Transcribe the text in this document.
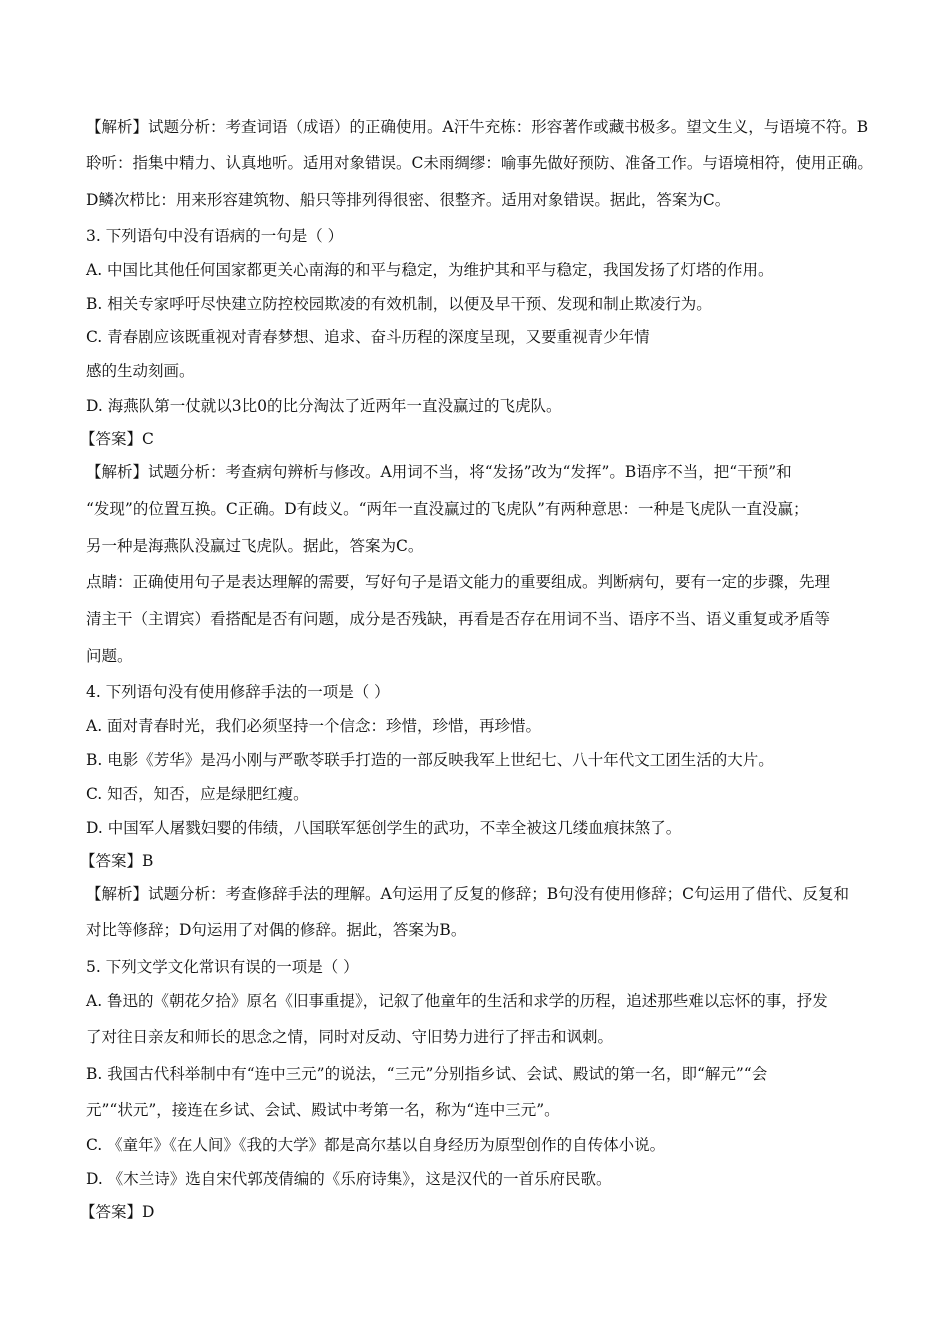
【解析】试题分析：考查词语（成语）的正确使用。A汗牛充栋：形容著作或藏书极多。望文生义，与语境不符。B
聆听：指集中精力、认真地听。适用对象错误。C未雨绸缪：喻事先做好预防、准备工作。与语境相符，使用正确。
D鳞次栉比：用来形容建筑物、船只等排列得很密、很整齐。适用对象错误。据此，答案为C。
3. 下列语句中没有语病的一句是（ ）
A. 中国比其他任何国家都更关心南海的和平与稳定，为维护其和平与稳定，我国发扬了灯塔的作用。
B. 相关专家呼吁尽快建立防控校园欺凌的有效机制，以便及早干预、发现和制止欺凌行为。
C. 青春剧应该既重视对青春梦想、追求、奋斗历程的深度呈现，又要重视青少年情
感的生动刻画。
D. 海燕队第一仗就以3比0的比分淘汰了近两年一直没赢过的飞虎队。
【答案】C
【解析】试题分析：考查病句辨析与修改。A用词不当，将“发扬”改为“发挥”。B语序不当，把“干预”和
“发现”的位置互换。C正确。D有歧义。“两年一直没赢过的飞虎队”有两种意思：一种是飞虎队一直没赢；
另一种是海燕队没赢过飞虎队。据此，答案为C。
点睛：正确使用句子是表达理解的需要，写好句子是语文能力的重要组成。判断病句，要有一定的步骤，先理
清主干（主谓宾）看搭配是否有问题，成分是否残缺，再看是否存在用词不当、语序不当、语义重复或矛盾等
问题。
4. 下列语句没有使用修辞手法的一项是（ ）
A. 面对青春时光，我们必须坚持一个信念：珍惜，珍惜，再珍惜。
B. 电影《芳华》是冯小刚与严歌苓联手打造的一部反映我军上世纪七、八十年代文工团生活的大片。
C. 知否，知否，应是绿肥红瘦。
D. 中国军人屠戮妇婴的伟绩，八国联军惩创学生的武功，不幸全被这几缕血痕抹煞了。
【答案】B
【解析】试题分析：考查修辞手法的理解。A句运用了反复的修辞；B句没有使用修辞；C句运用了借代、反复和
对比等修辞；D句运用了对偶的修辞。据此，答案为B。
5. 下列文学文化常识有误的一项是（ ）
A. 鲁迅的《朝花夕拾》原名《旧事重提》，记叙了他童年的生活和求学的历程，追述那些难以忘怀的事，抒发
了对往日亲友和师长的思念之情，同时对反动、守旧势力进行了抨击和讽刺。
B. 我国古代科举制中有“连中三元”的说法，“三元”分别指乡试、会试、殿试的第一名，即“解元”“会
元”“状元”，接连在乡试、会试、殿试中考第一名，称为“连中三元”。
C. 《童年》《在人间》《我的大学》都是高尔基以自身经历为原型创作的自传体小说。
D. 《木兰诗》选自宋代郭茂倩编的《乐府诗集》，这是汉代的一首乐府民歌。
【答案】D
